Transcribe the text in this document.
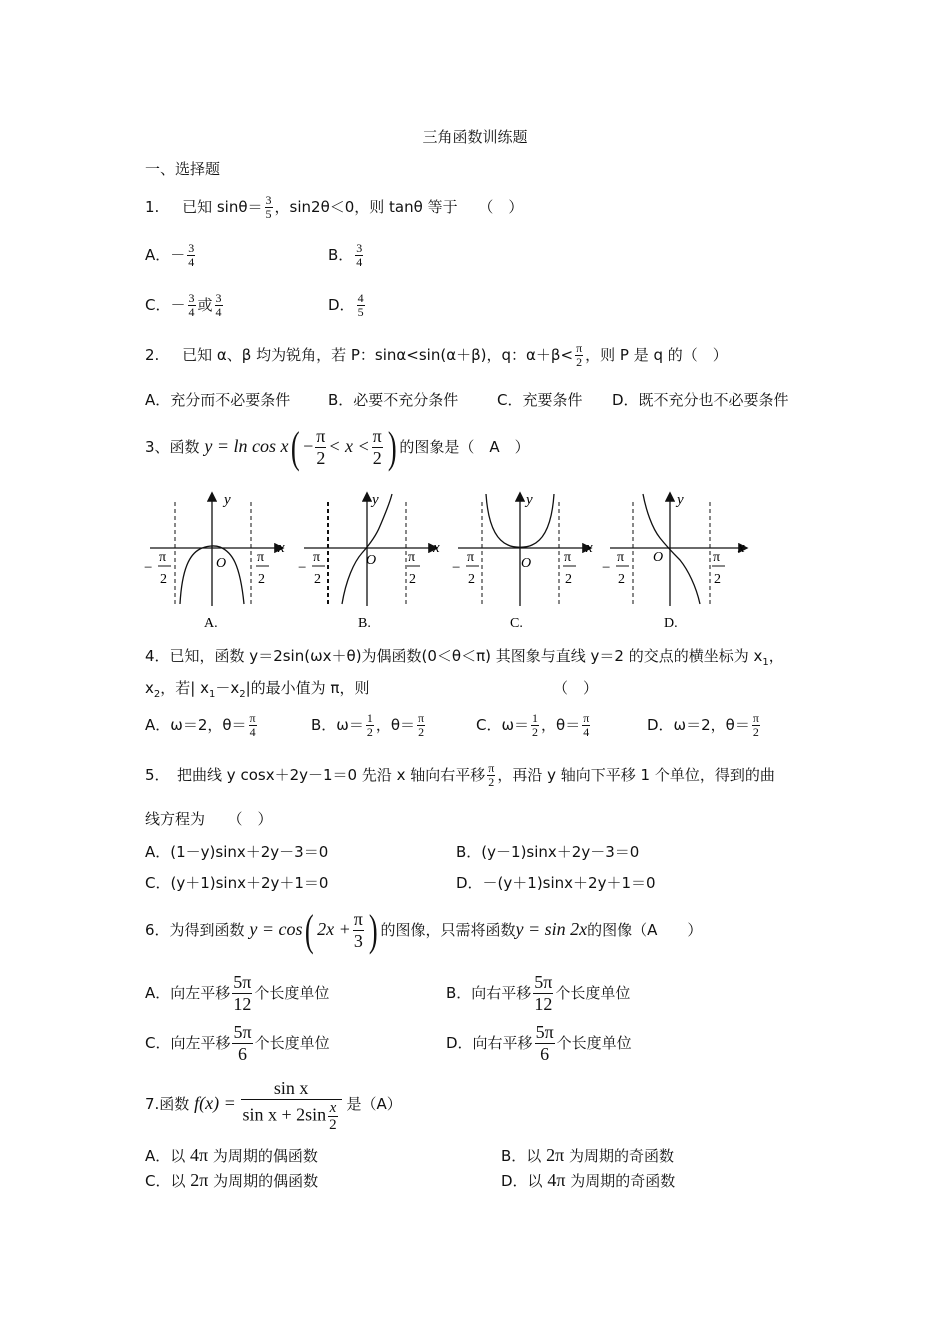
三角函数训练题
一、选择题
1. 已知 $\sin\theta= \frac{3}{5}$ ，sin2θ＜0，则 tanθ 等于 （　）
A．－ $\frac{3}{4}$	B． $\frac{3}{4}$
C．－ $\frac{3}{4}$ 或 $\frac{3}{4}$	D． $\frac{4}{5}$
2. 已知 α、β 均为锐角，若 P：sinα<sin(α＋β)，q：$\alpha+\beta< \frac{\pi}{2}$ ，则 P 是 q 的（　）
A．充分而不必要条件	B．必要不充分条件	C．充要条件 D．既不充分也不必要条件
3、函数 $y = \ln \cos x( - \frac{\pi}{2} < x < \frac{\pi}{2}$ ) 的图象是（　A　）
y
x
O
−
π
2
π
2
A.
y
x
O
−
π
2
π
2
B.
y
x
O
−
π
2
π
2
C.
y
x
O
−
π
2
π
2
D.
4．已知，函数 y＝2sin(ωx＋θ)为偶函数(0＜θ＜π) 其图象与直线 y＝2 的交点的横坐标为 $x_1$，
$x_2$，若| $x_1-x_2|$的最小值为 π，则	（　）
A．ω＝2，$\theta= \frac{\pi}{4}$	B．$\omega= \frac{1}{2}$ ，$\theta= \frac{\pi}{2}$	C．$\omega= \frac{1}{2}$ ，$\theta= \frac{\pi}{4}$	D．ω＝2，$\theta= \frac{\pi}{2}$
5．　把曲线 y cosx＋2y－1＝0 先沿 x 轴向右平移 $\frac{\pi}{2}$ ，再沿 y 轴向下平移 1 个单位，得到的曲
线方程为　　（　）
A．(1－y)sinx＋2y－3＝0	B．(y－1)sinx＋2y－3＝0
C．(y＋1)sinx＋2y＋1＝0	D．－(y＋1)sinx＋2y＋1＝0
6．为得到函数 y = cos( $2x + \frac{\pi}{3}$ ) 的图像，只需将函数y = sin 2x的图像（A　　）
A．向左平移 $\frac{5\pi}{12}$ 个长度单位	B．向右平移 $\frac{5\pi}{12}$ 个长度单位
C．向左平移 $\frac{5\pi}{6}$ 个长度单位	D．向右平移 $\frac{5\pi}{6}$ 个长度单位
7.函数 $f(x) = \frac{\text{sin x}}{\sin x + 2\sin \frac{x}{2}}$ 是（A）
A．以 4π 为周期的偶函数	B．以 2π 为周期的奇函数
C．以 2π 为周期的偶函数	D．以 4π 为周期的奇函数
